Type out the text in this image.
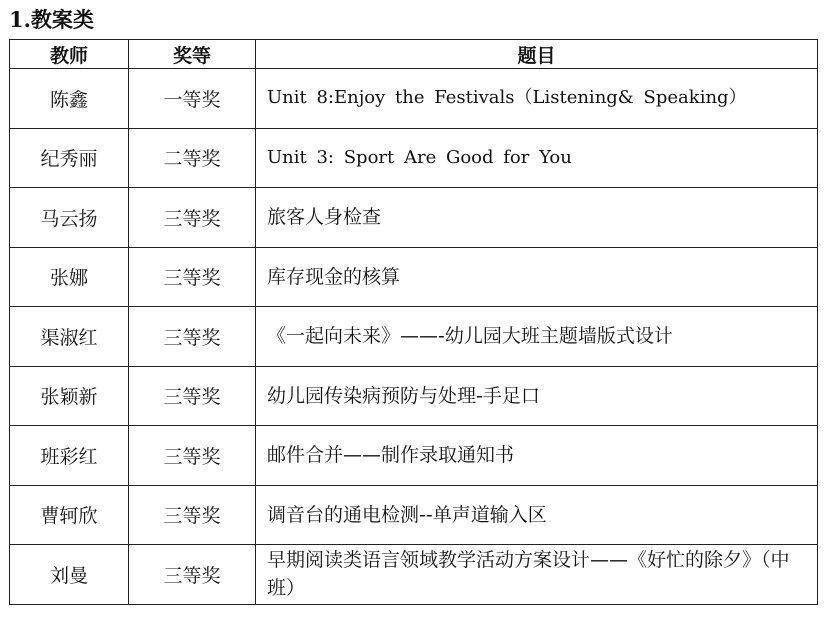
1.教案类
教师	奖等	题目
陈鑫	一等奖	Unit 8:Enjoy the Festivals（Listening& Speaking）
纪秀丽	二等奖	Unit 3: Sport Are Good for You
马云扬	三等奖	旅客人身检查
张娜	三等奖	库存现金的核算
渠淑红	三等奖	《一起向未来》——-幼儿园大班主题墙版式设计
张颖新	三等奖	幼儿园传染病预防与处理-手足口
班彩红	三等奖	邮件合并——制作录取通知书
曹轲欣	三等奖	调音台的通电检测--单声道输入区
刘曼	三等奖	早期阅读类语言领域教学活动方案设计——《好忙的除夕》（中班）
